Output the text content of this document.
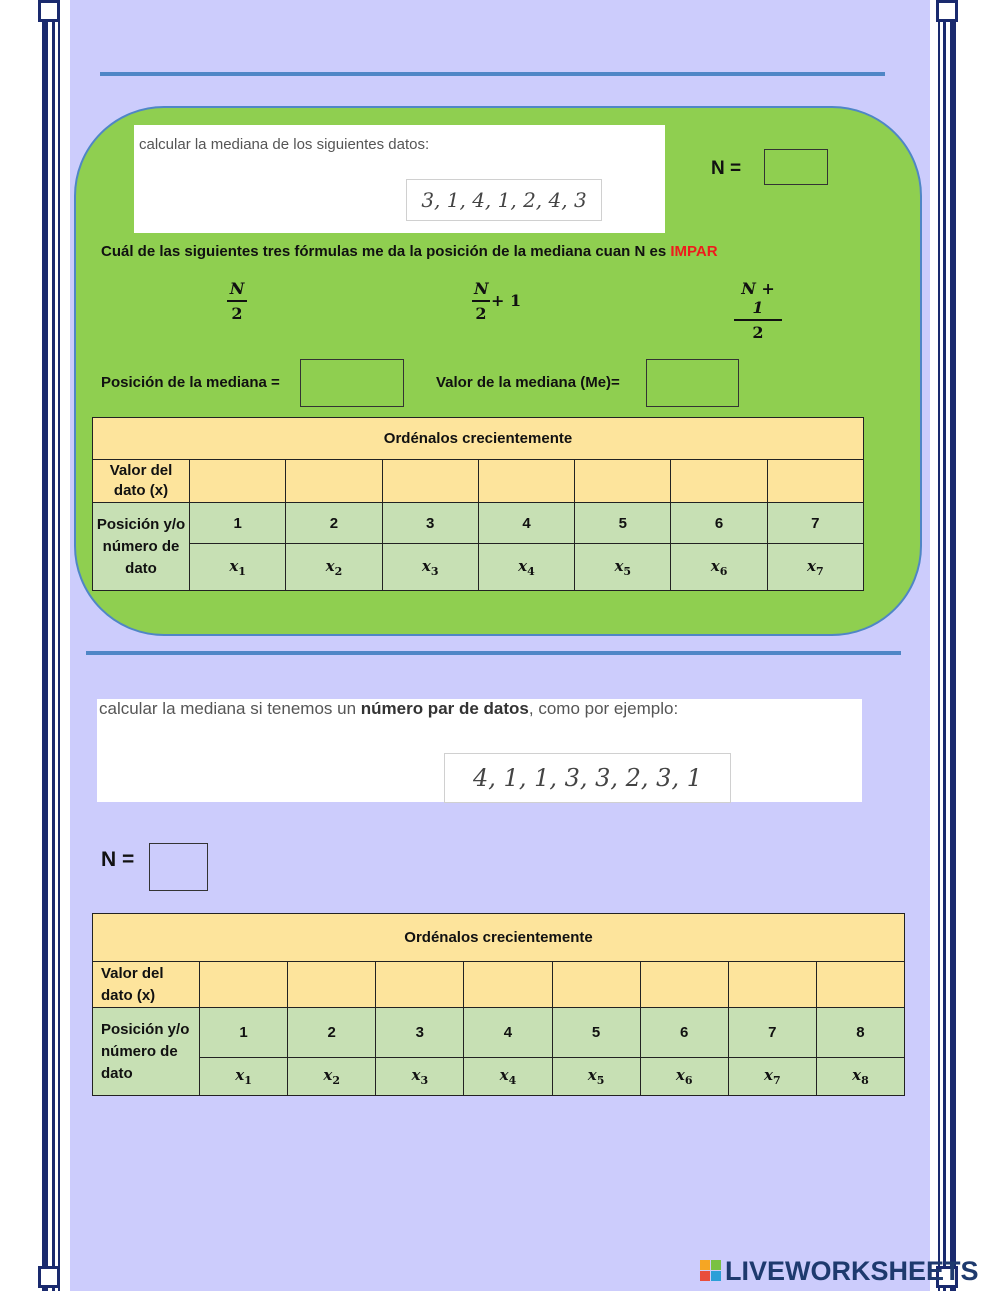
calcular la mediana de los siguientes datos:
3, 1, 4, 1, 2, 4, 3
N =
Cuál de las siguientes tres fórmulas me da la posición de la mediana cuan N es IMPAR
N
2
N
2
+ 1
N + 1
2
Posición de la mediana =	Valor de la mediana (Me)=
Ordénalos crecientemente							
Valor del dato (x)							
Posición y/o número de dato	1	2	3	4	5	6	7
	$x_1$	$x_2$	$x_3$	$x_4$	$x_5$	$x_6$	$x_7$
calcular la mediana si tenemos un número par de datos, como por ejemplo:
4, 1, 1, 3, 3, 2, 3, 1
N =
Ordénalos crecientemente								
Valor del dato (x)								
Posición y/o número de dato	1	2	3	4	5	6	7	8
	$x_1$	$x_2$	$x_3$	$x_4$	$x_5$	$x_6$	$x_7$	$x_8$
LIVEWORKSHEETS
